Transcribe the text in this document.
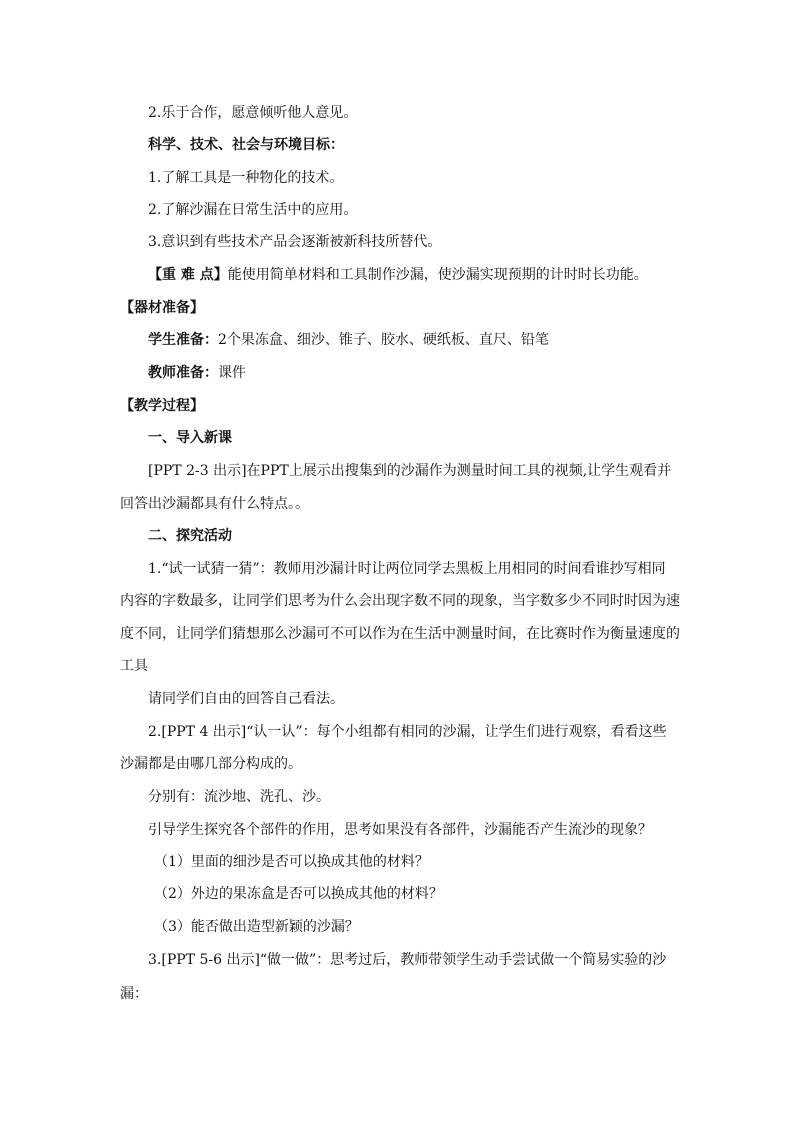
2.乐于合作，愿意倾听他人意见。
科学、技术、社会与环境目标：
1.了解工具是一种物化的技术。
2.了解沙漏在日常生活中的应用。
3.意识到有些技术产品会逐渐被新科技所替代。
【重 难 点】能使用简单材料和工具制作沙漏，使沙漏实现预期的计时时长功能。
【器材准备】
学生准备：2个果冻盒、细沙、锥子、胶水、硬纸板、直尺、铅笔
教师准备：课件
【教学过程】
一、导入新课
[PPT 2-3 出示]在PPT上展示出搜集到的沙漏作为测量时间工具的视频,让学生观看并
回答出沙漏都具有什么特点。。
二、探究活动
1.“试一试猜一猜”：教师用沙漏计时让两位同学去黑板上用相同的时间看谁抄写相同
内容的字数最多，让同学们思考为什么会出现字数不同的现象，当字数多少不同时时因为速
度不同，让同学们猜想那么沙漏可不可以作为在生活中测量时间，在比赛时作为衡量速度的
工具
请同学们自由的回答自己看法。
2.[PPT 4 出示]“认一认”：每个小组都有相同的沙漏，让学生们进行观察，看看这些
沙漏都是由哪几部分构成的。
分别有：流沙地、洗孔、沙。
引导学生探究各个部件的作用，思考如果没有各部件，沙漏能否产生流沙的现象？
（1）里面的细沙是否可以换成其他的材料？
（2）外边的果冻盒是否可以换成其他的材料？
（3）能否做出造型新颖的沙漏？
3.[PPT 5-6 出示]“做一做”：思考过后，教师带领学生动手尝试做一个简易实验的沙
漏：
